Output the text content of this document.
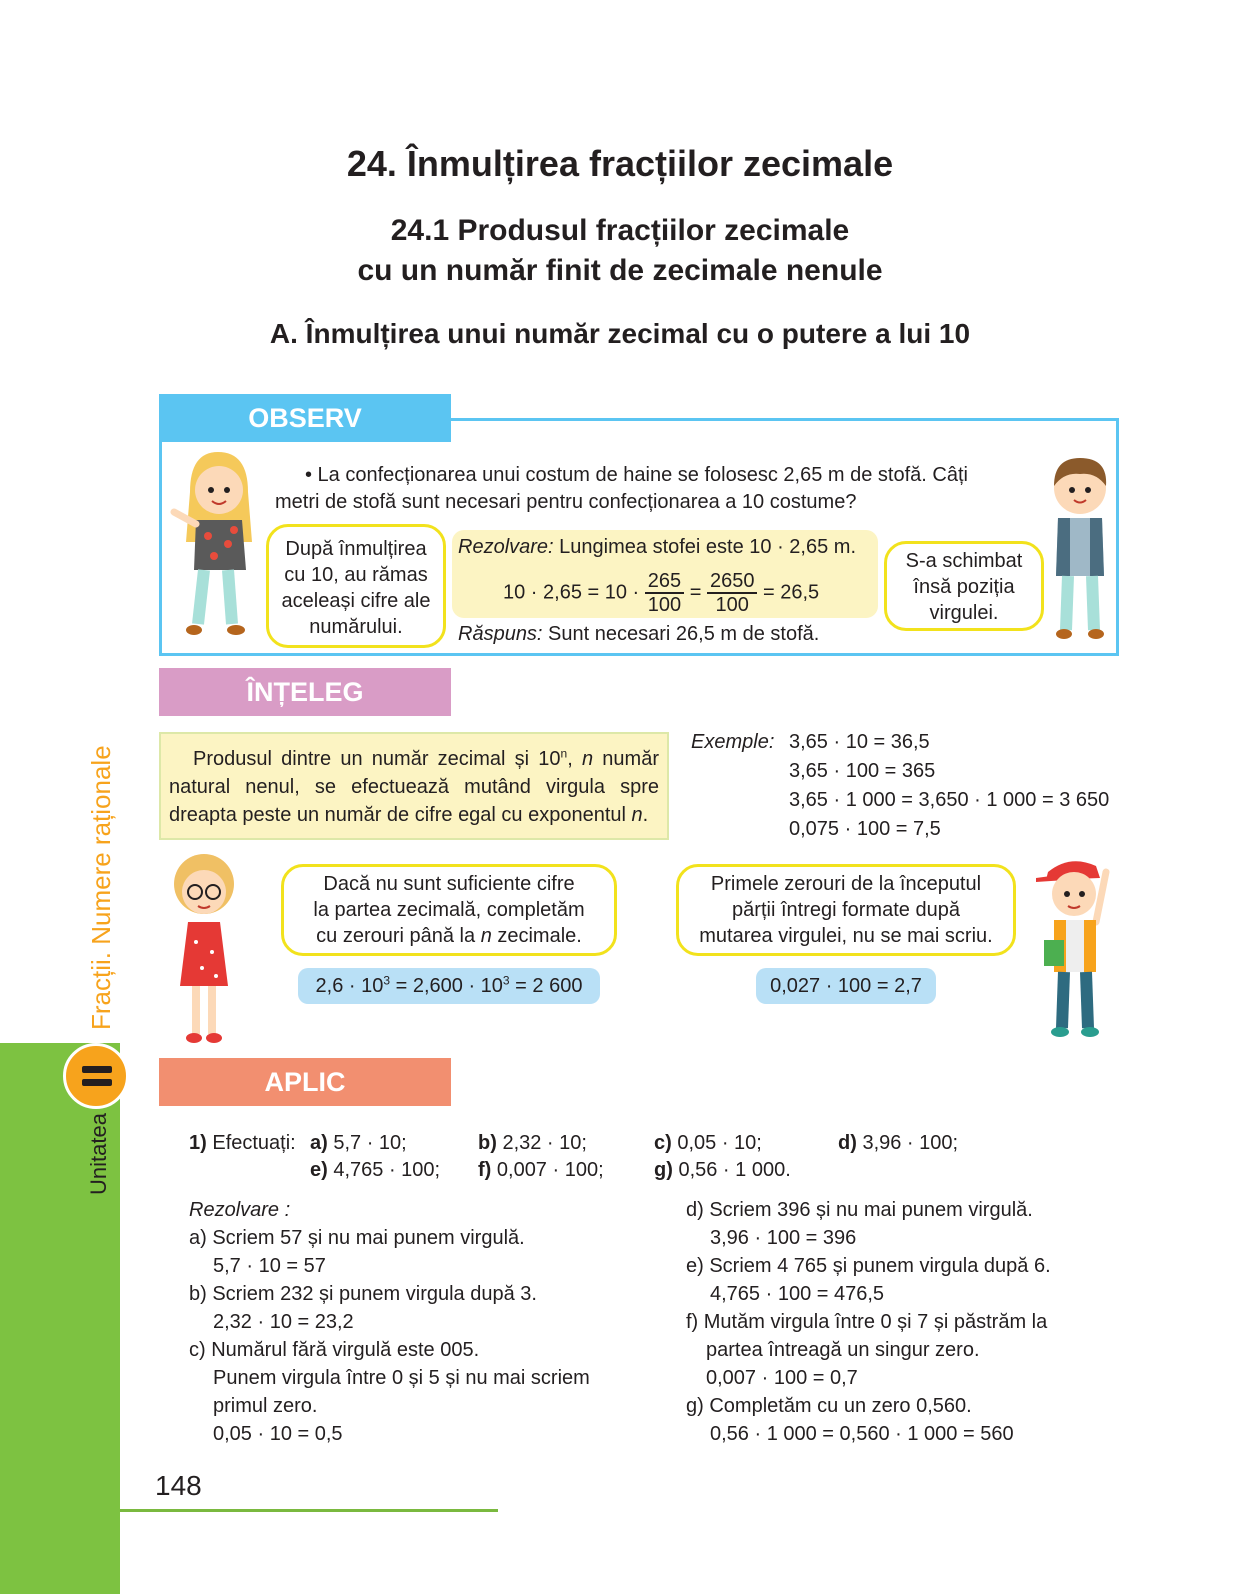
24. Înmulțirea fracțiilor zecimale
24.1 Produsul fracțiilor zecimale
cu un număr finit de zecimale nenule
A. Înmulțirea unui număr zecimal cu o putere a lui 10
OBSERV
• La confecționarea unui costum de haine se folosesc 2,65 m de stofă. Câți
metri de stofă sunt necesari pentru confecționarea a 10 costume?
După înmulțirea
cu 10, au rămas
aceleași cifre ale
numărului.
Rezolvare: Lungimea stofei este 10 · 2,65 m.
$10 \cdot 2,65 = 10 \cdot \frac{265}{100} = \frac{2650}{100} = 26,5$
Răspuns: Sunt necesari 26,5 m de stofă.
S-a schimbat
însă poziția
virgulei.
ÎNȚELEG
Produsul dintre un număr zecimal și 10$^n$, n număr natural nenul, se efectuează mutând virgula spre dreapta peste un număr de cifre egal cu exponentul n.
Exemple: 3,65 · 10 = 36,5
3,65 · 100 = 365
3,65 · 1 000 = 3,650 · 1 000 = 3 650
0,075 · 100 = 7,5
Dacă nu sunt suficiente cifre
la partea zecimală, completăm
cu zerouri până la n zecimale.
$2,6 \cdot 10^3 = 2,600 \cdot 10^3 = 2$ 600
Primele zerouri de la începutul
părții întregi formate după
mutarea virgulei, nu se mai scriu.
0,027 · 100 = 2,7
APLIC
1) Efectuați: a) 5,7 · 10;	b) 2,32 · 10;	c) 0,05 · 10;	d) 3,96 · 100;
e) 4,765 · 100; f) 0,007 · 100;	g) 0,56 · 1 000.
Rezolvare :
a) Scriem 57 și nu mai punem virgulă.
5,7 · 10 = 57
b) Scriem 232 și punem virgula după 3.
2,32 · 10 = 23,2
c) Numărul fără virgulă este 005.
Punem virgula între 0 și 5 și nu mai scriem
primul zero.
0,05 · 10 = 0,5
d) Scriem 396 și nu mai punem virgulă.
3,96 · 100 = 396
e) Scriem 4 765 și punem virgula după 6.
4,765 · 100 = 476,5
f) Mutăm virgula între 0 și 7 și păstrăm la
partea întreagă un singur zero.
0,007 · 100 = 0,7
g) Completăm cu un zero 0,560.
0,56 · 1 000 = 0,560 · 1 000 = 560
Fracții. Numere raționale
Unitatea
148
